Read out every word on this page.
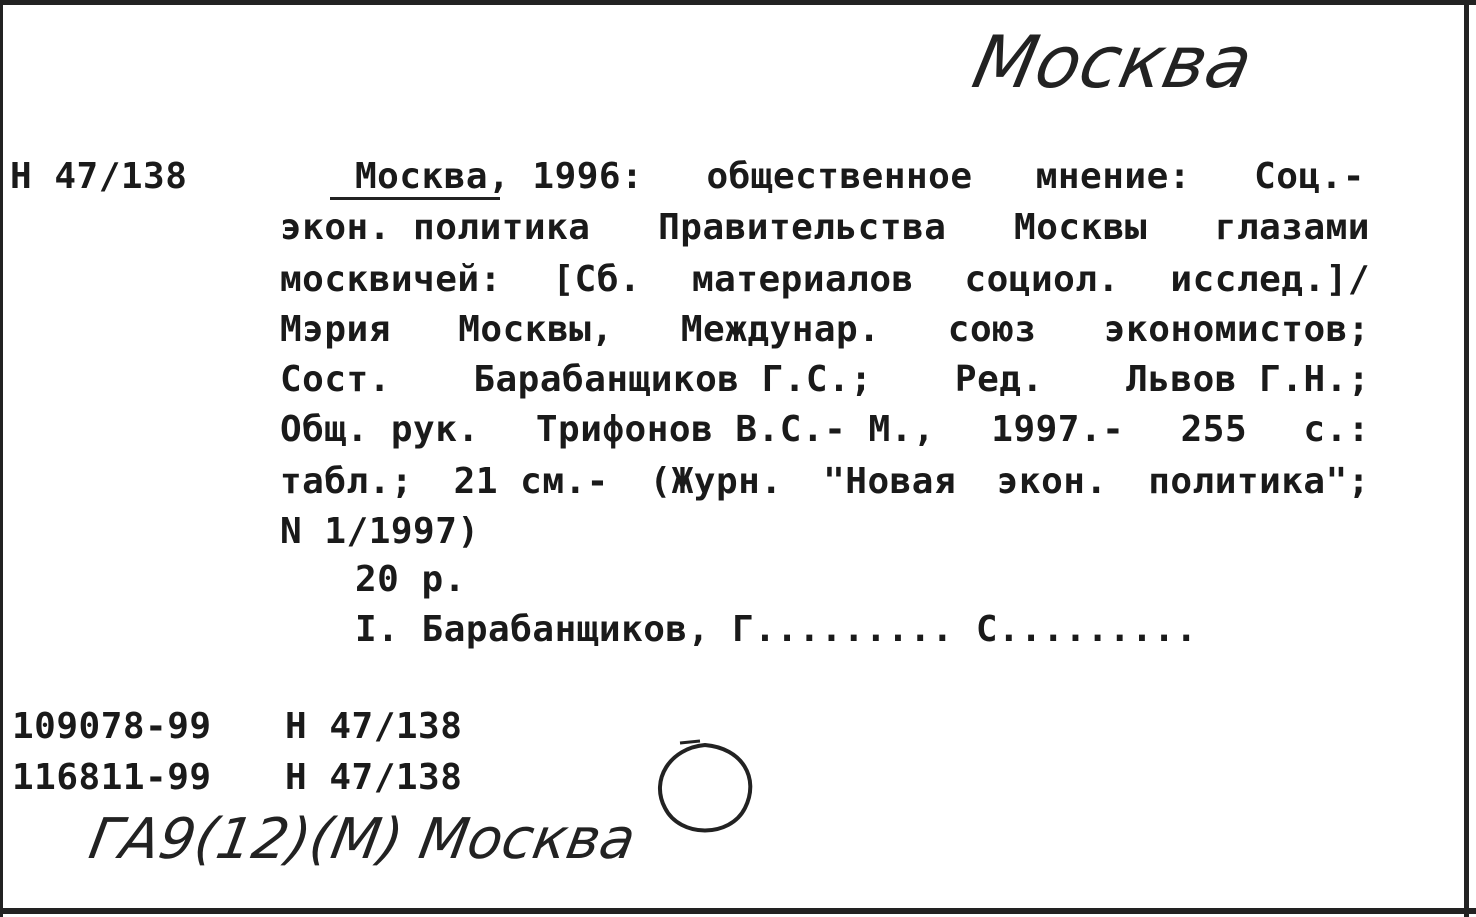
Москва
Н 47/138	Москва, 1996: общественное мнение: Соц.-
экон. политика Правительства Москвы глазами
москвичей: [Сб. материалов социол. исслед.]/
Мэрия Москвы, Междунар. союз экономистов;
Сост. Барабанщиков Г.С.; Ред. Львов Г.Н.;
Общ. рук. Трифонов В.С.- М., 1997.- 255 с.:
табл.; 21 см.- (Журн. "Новая экон. политика";
N 1/1997)
20 р.
I. Барабанщиков, Г......... С.........
109078-99 Н 47/138
116811-99 Н 47/138
ГА9(12)(М) Москва
